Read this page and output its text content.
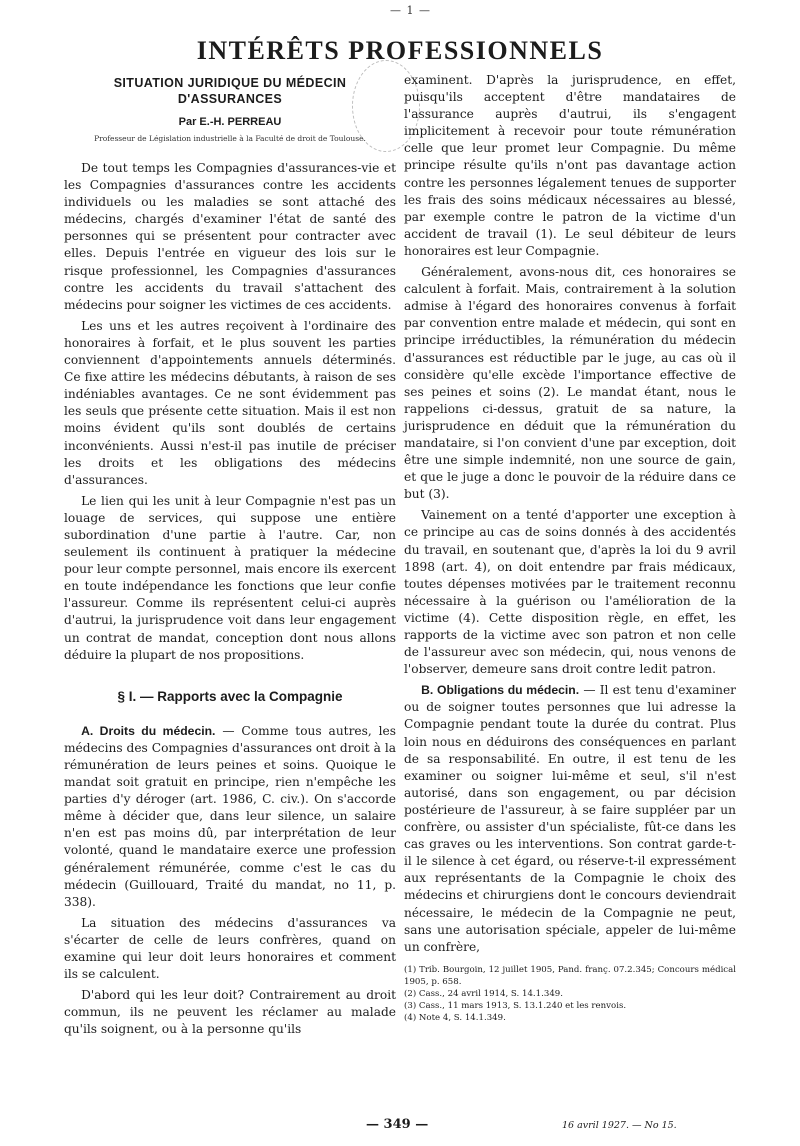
— 1 —
INTÉRÊTS PROFESSIONNELS
SITUATION JURIDIQUE DU MÉDECIN
D'ASSURANCES
Par E.-H. PERREAU
Professeur de Législation industrielle à la Faculté de droit de Toulouse.

De tout temps les Compagnies d'assurances-vie et les Compagnies d'assurances contre les accidents individuels ou les maladies se sont attaché des médecins, chargés d'examiner l'état de santé des personnes qui se présentent pour contracter avec elles. Depuis l'entrée en vigueur des lois sur le risque professionnel, les Compagnies d'assurances contre les accidents du travail s'attachent des médecins pour soigner les victimes de ces accidents.

Les uns et les autres reçoivent à l'ordinaire des honoraires à forfait, et le plus souvent les parties conviennent d'appointements annuels déterminés. Ce fixe attire les médecins débutants, à raison de ses indéniables avantages. Ce ne sont évidemment pas les seuls que présente cette situation. Mais il est non moins évident qu'ils sont doublés de certains inconvénients. Aussi n'est-il pas inutile de préciser les droits et les obligations des médecins d'assurances.

Le lien qui les unit à leur Compagnie n'est pas un louage de services, qui suppose une entière subordination d'une partie à l'autre. Car, non seulement ils continuent à pratiquer la médecine pour leur compte personnel, mais encore ils exercent en toute indépendance les fonctions que leur confie l'assureur. Comme ils représentent celui-ci auprès d'autrui, la jurisprudence voit dans leur engagement un contrat de mandat, conception dont nous allons déduire la plupart de nos propositions.

§ I. — Rapports avec la Compagnie

A. Droits du médecin. — Comme tous autres, les médecins des Compagnies d'assurances ont droit à la rémunération de leurs peines et soins. Quoique le mandat soit gratuit en principe, rien n'empêche les parties d'y déroger (art. 1986, C. civ.). On s'accorde même à décider que, dans leur silence, un salaire n'en est pas moins dû, par interprétation de leur volonté, quand le mandataire exerce une profession généralement rémunérée, comme c'est le cas du médecin (Guillouard, Traité du mandat, no 11, p. 338).

La situation des médecins d'assurances va s'écarter de celle de leurs confrères, quand on examine qui leur doit leurs honoraires et comment ils se calculent.

D'abord qui les leur doit? Contrairement au droit commun, ils ne peuvent les réclamer au malade qu'ils soignent, ou à la personne qu'ils

examinent. D'après la jurisprudence, en effet, puisqu'ils acceptent d'être mandataires de l'assurance auprès d'autrui, ils s'engagent implicitement à recevoir pour toute rémunération celle que leur promet leur Compagnie. Du même principe résulte qu'ils n'ont pas davantage action contre les personnes légalement tenues de supporter les frais des soins médicaux nécessaires au blessé, par exemple contre le patron de la victime d'un accident de travail (1). Le seul débiteur de leurs honoraires est leur Compagnie.

Généralement, avons-nous dit, ces honoraires se calculent à forfait. Mais, contrairement à la solution admise à l'égard des honoraires convenus à forfait par convention entre malade et médecin, qui sont en principe irréductibles, la rémunération du médecin d'assurances est réductible par le juge, au cas où il considère qu'elle excède l'importance effective de ses peines et soins (2). Le mandat étant, nous le rappelions ci-dessus, gratuit de sa nature, la jurisprudence en déduit que la rémunération du mandataire, si l'on convient d'une par exception, doit être une simple indemnité, non une source de gain, et que le juge a donc le pouvoir de la réduire dans ce but (3).

Vainement on a tenté d'apporter une exception à ce principe au cas de soins donnés à des accidentés du travail, en soutenant que, d'après la loi du 9 avril 1898 (art. 4), on doit entendre par frais médicaux, toutes dépenses motivées par le traitement reconnu nécessaire à la guérison ou l'amélioration de la victime (4). Cette disposition règle, en effet, les rapports de la victime avec son patron et non celle de l'assureur avec son médecin, qui, nous venons de l'observer, demeure sans droit contre ledit patron.

B. Obligations du médecin. — Il est tenu d'examiner ou de soigner toutes personnes que lui adresse la Compagnie pendant toute la durée du contrat. Plus loin nous en déduirons des conséquences en parlant de sa responsabilité. En outre, il est tenu de les examiner ou soigner lui-même et seul, s'il n'est autorisé, dans son engagement, ou par décision postérieure de l'assureur, à se faire suppléer par un confrère, ou assister d'un spécialiste, fût-ce dans les cas graves ou les interventions. Son contrat garde-t-il le silence à cet égard, ou réserve-t-il expressément aux représentants de la Compagnie le choix des médecins et chirurgiens dont le concours deviendrait nécessaire, le médecin de la Compagnie ne peut, sans une autorisation spéciale, appeler de lui-même un confrère,

(1) Trib. Bourgoin, 12 juillet 1905, Pand. franç. 07.2.345; Concours médical 1905, p. 658.
(2) Cass., 24 avril 1914, S. 14.1.349.
(3) Cass., 11 mars 1913, S. 13.1.240 et les renvois.
(4) Note 4, S. 14.1.349.
— 349 —	16 avril 1927. — No 15.
